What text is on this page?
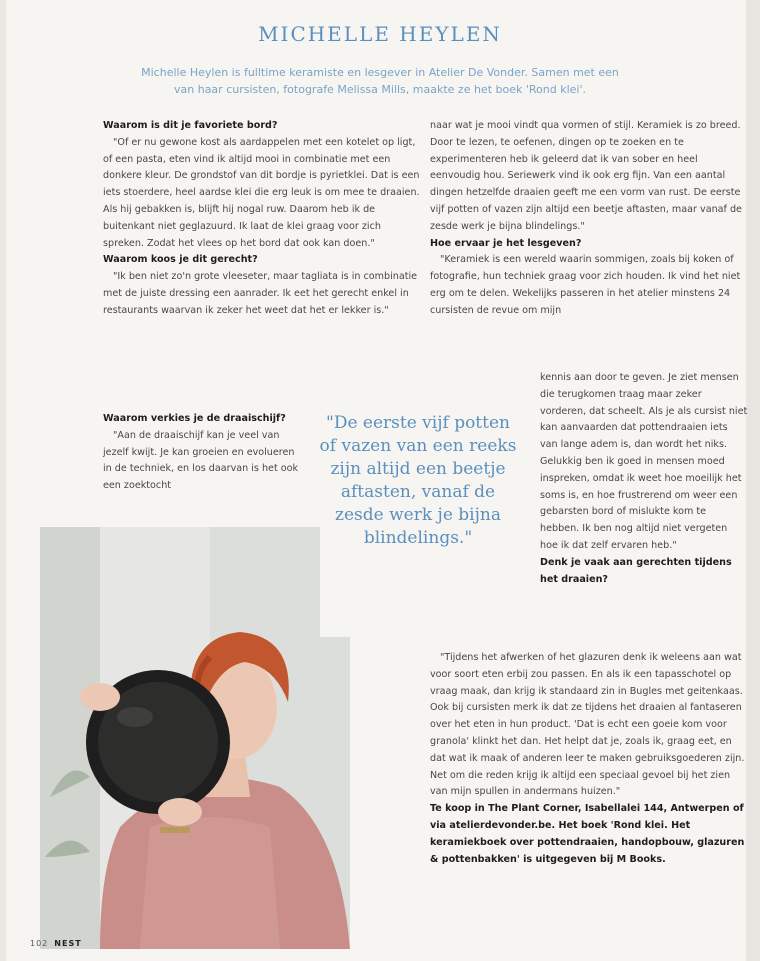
MICHELLE HEYLEN

Michelle Heylen is fulltime keramiste en lesgever in Atelier De Vonder. Samen met een van haar cursisten, fotografe Melissa Mills, maakte ze het boek 'Rond klei'.

Waarom is dit je favoriete bord?

"Of er nu gewone kost als aardappelen met een kotelet op ligt, of een pasta, eten vind ik altijd mooi in combinatie met een donkere kleur. De grondstof van dit bordje is pyrietklei. Dat is een iets stoerdere, heel aardse klei die erg leuk is om mee te draaien. Als hij gebakken is, blijft hij nogal ruw. Daarom heb ik de buitenkant niet geglazuurd. Ik laat de klei graag voor zich spreken. Zodat het vlees op het bord dat ook kan doen."

Waarom koos je dit gerecht?

"Ik ben niet zo'n grote vleeseter, maar tagliata is in combinatie met de juiste dressing een aanrader. Ik eet het gerecht enkel in restaurants waarvan ik zeker het weet dat het er lekker is."

Waarom verkies je de draaischijf?

"Aan de draaischijf kan je veel van jezelf kwijt. Je kan groeien en evolueren in de techniek, en los daarvan is het ook een zoektocht

naar wat je mooi vindt qua vormen of stijl. Keramiek is zo breed. Door te lezen, te oefenen, dingen op te zoeken en te experimenteren heb ik geleerd dat ik van sober en heel eenvoudig hou. Seriewerk vind ik ook erg fijn. Van een aantal dingen hetzelfde draaien geeft me een vorm van rust. De eerste vijf potten of vazen zijn altijd een beetje aftasten, maar vanaf de zesde werk je bijna blindelings."

Hoe ervaar je het lesgeven?

"Keramiek is een wereld waarin sommigen, zoals bij koken of fotografie, hun techniek graag voor zich houden. Ik vind het niet erg om te delen. Wekelijks passeren in het atelier minstens 24 cursisten de revue om mijn

kennis aan door te geven. Je ziet mensen die terugkomen traag maar zeker vorderen, dat scheelt. Als je als cursist niet kan aanvaarden dat pottendraaien iets van lange adem is, dan wordt het niks. Gelukkig ben ik goed in mensen moed inspreken, omdat ik weet hoe moeilijk het soms is, en hoe frustrerend om weer een gebarsten bord of mislukte kom te hebben. Ik ben nog altijd niet vergeten hoe ik dat zelf ervaren heb."

Denk je vaak aan gerechten tijdens het draaien?

"Tijdens het afwerken of het glazuren denk ik weleens aan wat voor soort eten erbij zou passen. En als ik een tapasschotel op vraag maak, dan krijg ik standaard zin in Bugles met geitenkaas. Ook bij cursisten merk ik dat ze tijdens het draaien al fantaseren over het eten in hun product. 'Dat is echt een goeie kom voor granola' klinkt het dan. Het helpt dat je, zoals ik, graag eet, en dat wat ik maak of anderen leer te maken gebruiksgoederen zijn. Net om die reden krijg ik altijd een speciaal gevoel bij het zien van mijn spullen in andermans huizen."

Te koop in The Plant Corner, Isabellalei 144, Antwerpen of via atelierdevonder.be. Het boek 'Rond klei. Het keramiekboek over pottendraaien, handopbouw, glazuren & pottenbakken' is uitgegeven bij M Books.

"De eerste vijf potten of vazen van een reeks zijn altijd een beetje aftasten, vanaf de zesde werk je bijna blindelings."

102 NEST
